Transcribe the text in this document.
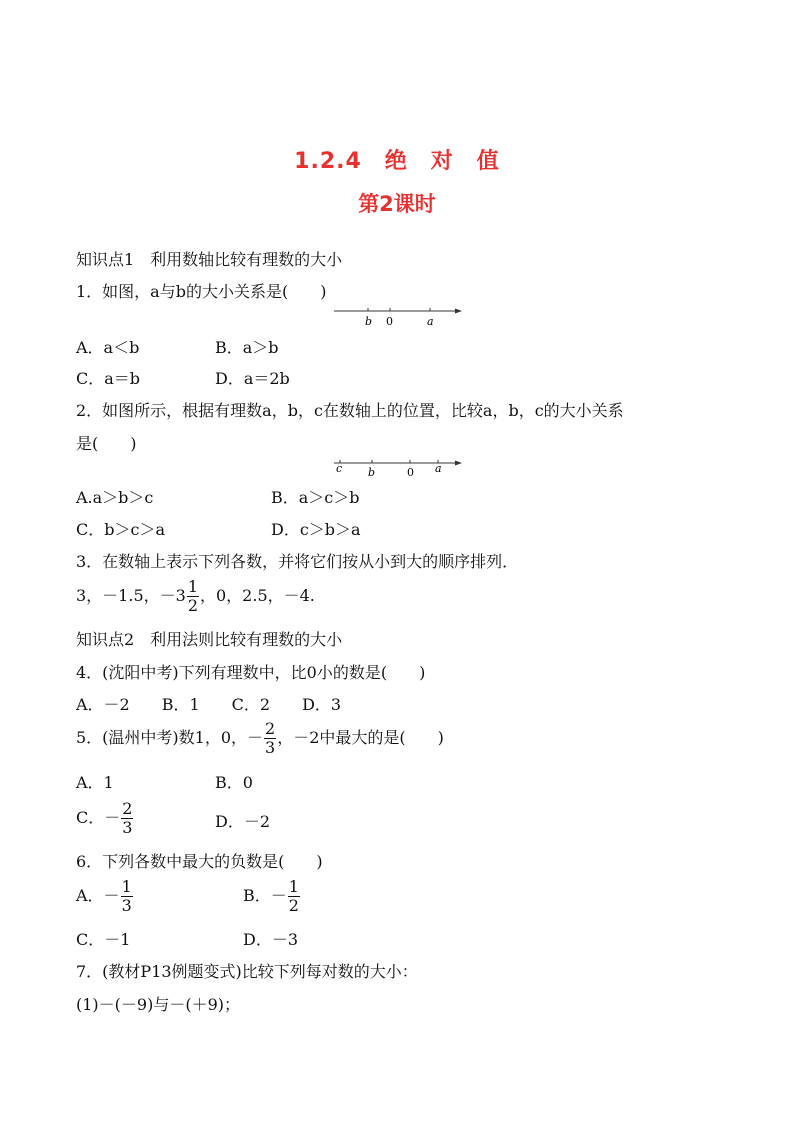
1.2.4　绝　对　值
第2课时
知识点1　利用数轴比较有理数的大小
1．如图，a与b的大小关系是(　　)
b 0	a
A．a＜b	B．a＞b
C．a＝b	D．a＝2b
2．如图所示，根据有理数a，b，c在数轴上的位置，比较a，b，c的大小关系
是(　　)
c b	0 a
A.a＞b＞c	B．a＞c＞b
C．b＞c＞a	D．c＞b＞a
3．在数轴上表示下列各数，并将它们按从小到大的顺序排列．
3，－1.5，$-3 \frac{1}{2}$ ，0，2.5，－4.
知识点2　利用法则比较有理数的大小
4．(沈阳中考)下列有理数中，比0小的数是(　　)
A．－2　　B．1　　C．2　　D．3
5．(温州中考)数1，0，－ $\frac{2}{3}$ ，－2中最大的是(　　)
A．1	B．0
C．－ $\frac{2}{3}$	D．－2
6．下列各数中最大的负数是(　　)
A．－ $\frac{1}{3}$	B．－ $\frac{1}{2}$
C．－1	D．－3
7．(教材P13例题变式)比较下列每对数的大小：
(1)－(－9)与－(＋9)；
